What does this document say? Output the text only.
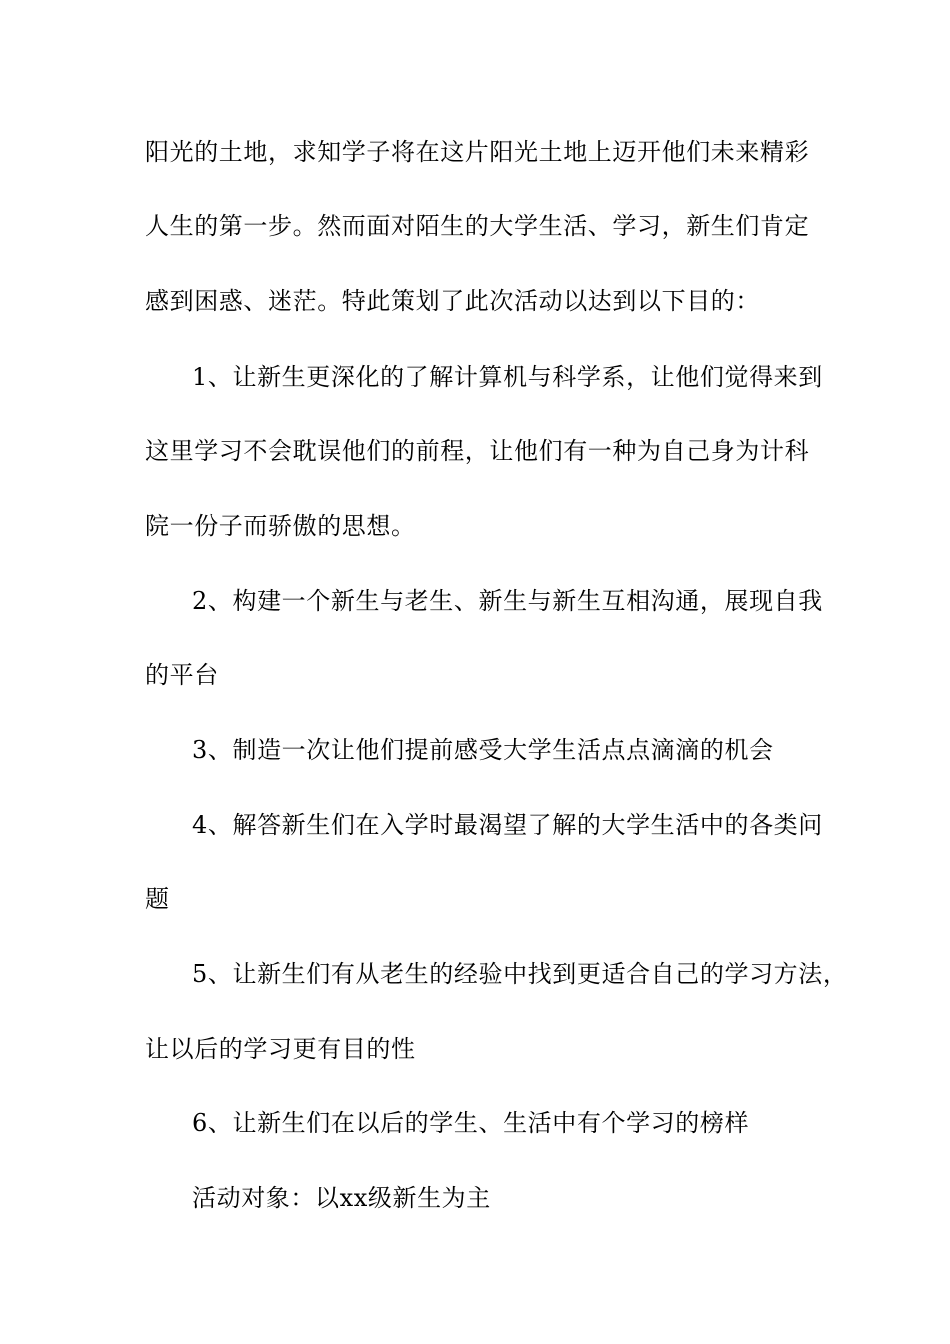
阳光的土地，求知学子将在这片阳光土地上迈开他们未来精彩
人生的第一步。然而面对陌生的大学生活、学习，新生们肯定
感到困惑、迷茫。特此策划了此次活动以达到以下目的：
1、让新生更深化的了解计算机与科学系，让他们觉得来到
这里学习不会耽误他们的前程，让他们有一种为自己身为计科
院一份子而骄傲的思想。
2、构建一个新生与老生、新生与新生互相沟通，展现自我
的平台
3、制造一次让他们提前感受大学生活点点滴滴的机会
4、解答新生们在入学时最渴望了解的大学生活中的各类问
题
5、让新生们有从老生的经验中找到更适合自己的学习方法，
让以后的学习更有目的性
6、让新生们在以后的学生、生活中有个学习的榜样
活动对象：以xx级新生为主
